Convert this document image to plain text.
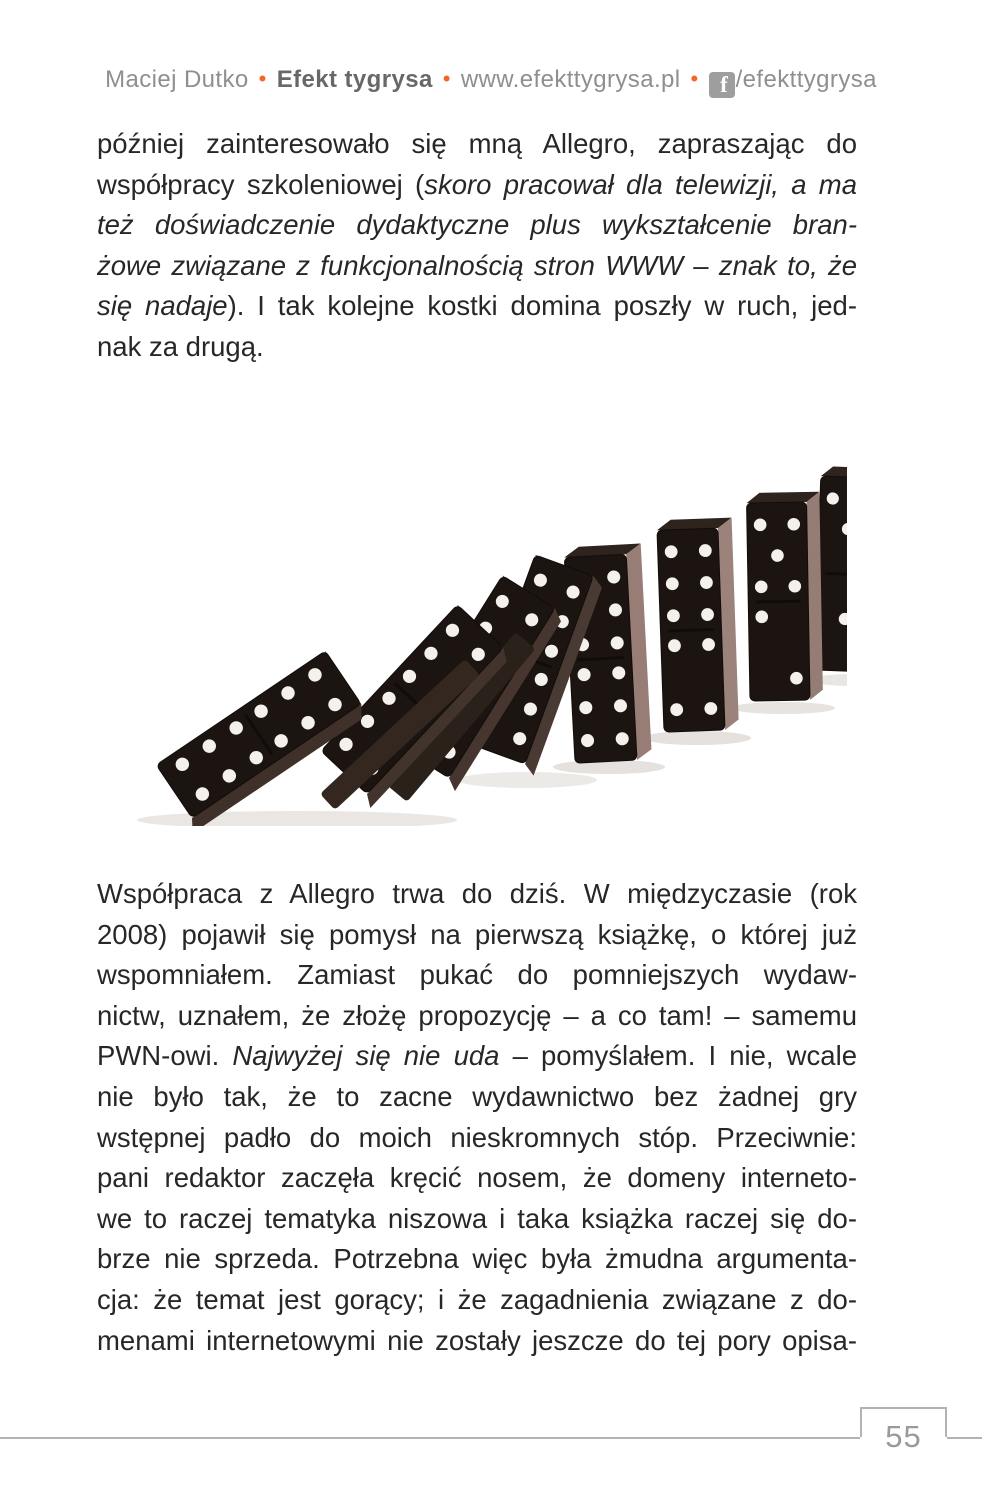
Maciej Dutko • Efekt tygrysa • www.efekttygrysa.pl • f /efekttygrysa
później zainteresowało się mną Allegro, zapraszając do
współpracy szkoleniowej (skoro pracował dla telewizji, a ma
też doświadczenie dydaktyczne plus wykształcenie bran-
żowe związane z funkcjonalnością stron WWW – znak to, że
się nadaje). I tak kolejne kostki domina poszły w ruch, jed-
nak za drugą.
Współpraca z Allegro trwa do dziś. W międzyczasie (rok
2008) pojawił się pomysł na pierwszą książkę, o której już
wspomniałem. Zamiast pukać do pomniejszych wydaw-
nictw, uznałem, że złożę propozycję – a co tam! – samemu
PWN-owi. Najwyżej się nie uda – pomyślałem. I nie, wcale
nie było tak, że to zacne wydawnictwo bez żadnej gry
wstępnej padło do moich nieskromnych stóp. Przeciwnie:
pani redaktor zaczęła kręcić nosem, że domeny interneto-
we to raczej tematyka niszowa i taka książka raczej się do-
brze nie sprzeda. Potrzebna więc była żmudna argumenta-
cja: że temat jest gorący; i że zagadnienia związane z do-
menami internetowymi nie zostały jeszcze do tej pory opisa-
55
